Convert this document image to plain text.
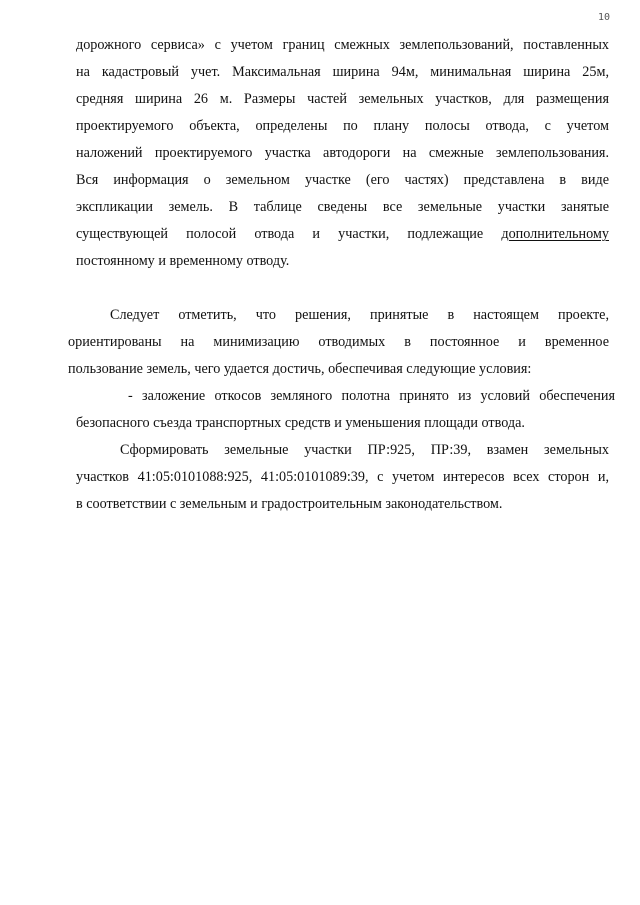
10
дорожного сервиса» с учетом границ смежных землепользований, поставленных
на кадастровый учет. Максимальная ширина 94м, минимальная ширина 25м,
средняя ширина 26 м. Размеры частей земельных участков, для размещения
проектируемого объекта, определены по плану полосы отвода, с учетом
наложений проектируемого участка автодороги на смежные землепользования.
Вся информация о земельном участке (его частях) представлена в виде
экспликации земель. В таблице сведены все земельные участки занятые
существующей полосой отвода и участки, подлежащие дополнительному
постоянному и временному отводу.
Следует отметить, что решения, принятые в настоящем проекте,
ориентированы на минимизацию отводимых в постоянное и временное
пользование земель, чего удается достичь, обеспечивая следующие условия:
- заложение откосов земляного полотна принято из условий обеспечения
безопасного съезда транспортных средств и уменьшения площади отвода.
Сформировать земельные участки ПР:925, ПР:39, взамен земельных
участков 41:05:0101088:925, 41:05:0101089:39, с учетом интересов всех сторон и,
в соответствии с земельным и градостроительным законодательством.
